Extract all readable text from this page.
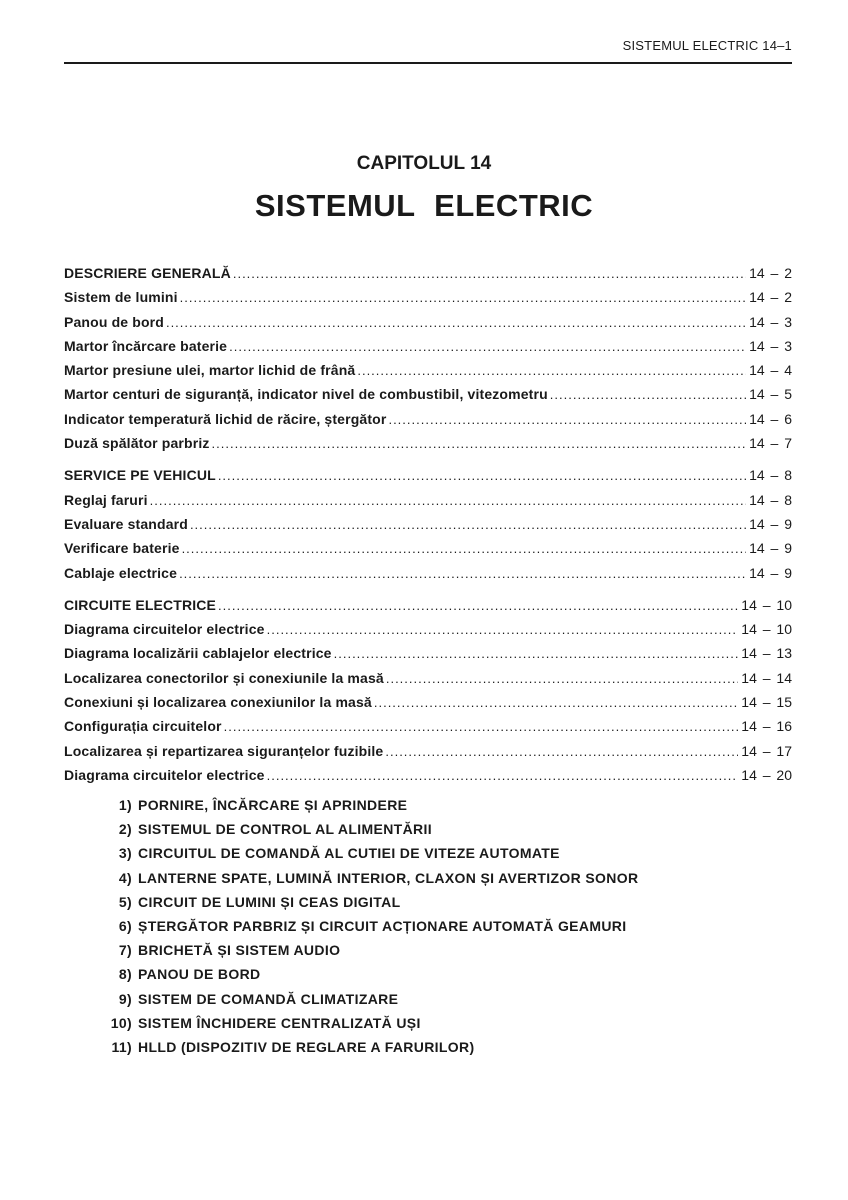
SISTEMUL ELECTRIC 14–1
CAPITOLUL 14
SISTEMUL ELECTRIC
DESCRIERE GENERALĂ .....	14 – 2
Sistem de lumini .....	14 – 2
Panou de bord .....	14 – 3
Martor încărcare baterie .....	14 – 3
Martor presiune ulei, martor lichid de frână .....	14 – 4
Martor centuri de siguranță, indicator nivel de combustibil, vitezometru .....	14 – 5
Indicator temperatură lichid de răcire, ștergător .....	14 – 6
Duză spălător parbriz .....	14 – 7
SERVICE PE VEHICUL .....	14 – 8
Reglaj faruri .....	14 – 8
Evaluare standard .....	14 – 9
Verificare baterie .....	14 – 9
Cablaje electrice .....	14 – 9
CIRCUITE ELECTRICE .....	14 – 10
Diagrama circuitelor electrice .....	14 – 10
Diagrama localizării cablajelor electrice .....	14 – 13
Localizarea conectorilor și conexiunile la masă .....	14 – 14
Conexiuni și localizarea conexiunilor la masă .....	14 – 15
Configurația circuitelor .....	14 – 16
Localizarea și repartizarea siguranțelor fuzibile .....	14 – 17
Diagrama circuitelor electrice .....	14 – 20
1) PORNIRE, ÎNCĂRCARE ȘI APRINDERE
2) SISTEMUL DE CONTROL AL ALIMENTĂRII
3) CIRCUITUL DE COMANDĂ AL CUTIEI DE VITEZE AUTOMATE
4) LANTERNE SPATE, LUMINĂ INTERIOR, CLAXON ȘI AVERTIZOR SONOR
5) CIRCUIT DE LUMINI ȘI CEAS DIGITAL
6) ȘTERGĂTOR PARBRIZ ȘI CIRCUIT ACȚIONARE AUTOMATĂ GEAMURI
7) BRICHETĂ ȘI SISTEM AUDIO
8) PANOU DE BORD
9) SISTEM DE COMANDĂ CLIMATIZARE
10) SISTEM ÎNCHIDERE CENTRALIZATĂ UȘI
11) HLLD (DISPOZITIV DE REGLARE A FARURILOR)
